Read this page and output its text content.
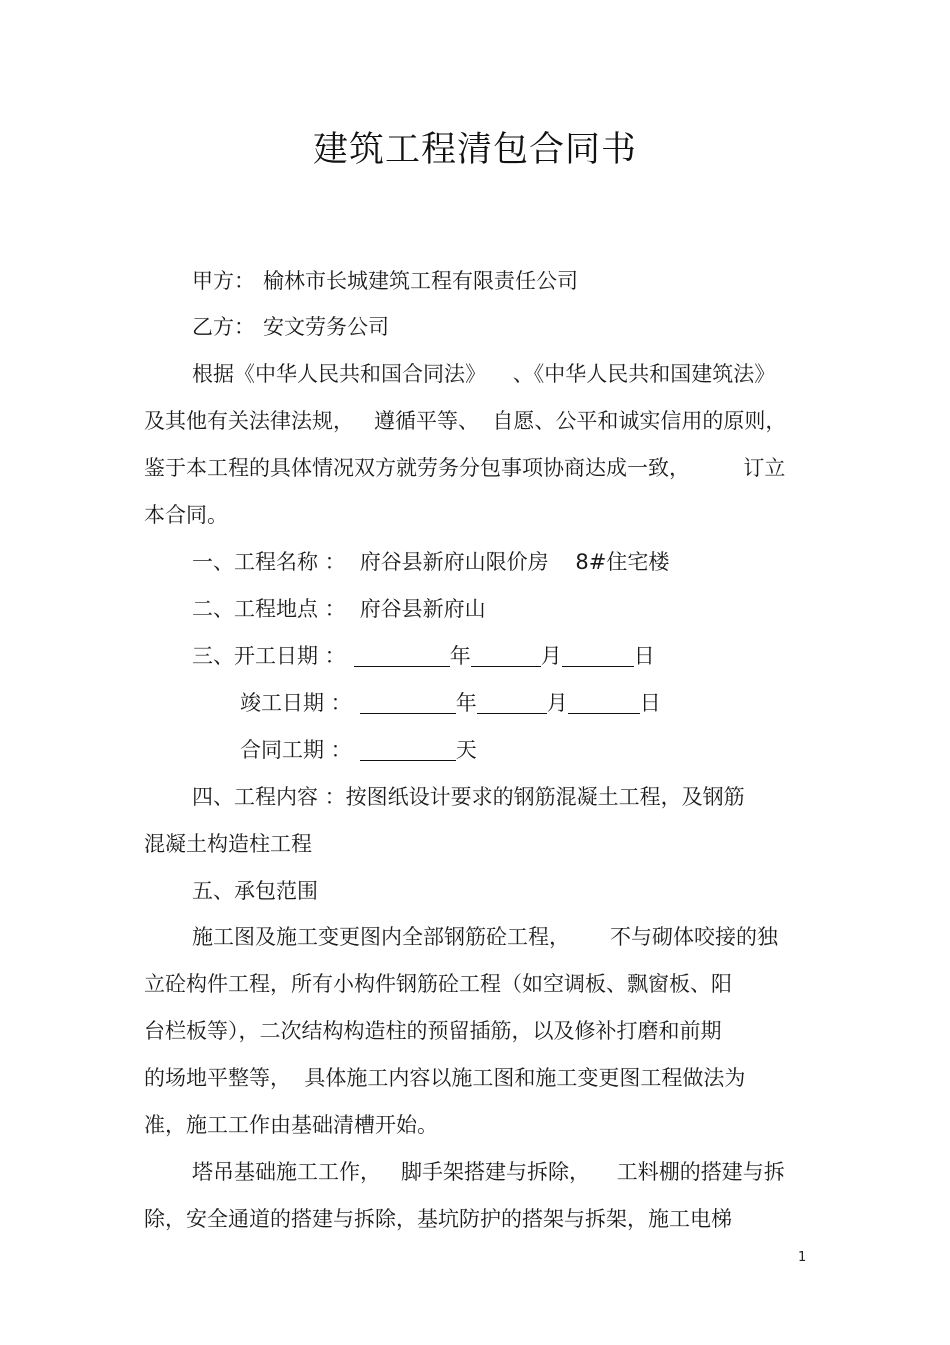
建筑工程清包合同书
甲方： 榆林市长城建筑工程有限责任公司
乙方： 安文劳务公司
根据《中华人民共和国合同法》    、《中华人民共和国建筑法》
及其他有关法律法规，   遵循平等、  自愿、公平和诚实信用的原则，
鉴于本工程的具体情况双方就劳务分包事项协商达成一致，        订立
本合同。
一、工程名称 ： 府谷县新府山限价房    8#住宅楼
二、工程地点 ： 府谷县新府山
三、开工日期 ：	年	月	日
竣工日期 ：	年	月	日
合同工期 ：	天
四、工程内容 ：按图纸设计要求的钢筋混凝土工程，及钢筋
混凝土构造柱工程
五、承包范围
施工图及施工变更图内全部钢筋砼工程，      不与砌体咬接的独
立砼构件工程，所有小构件钢筋砼工程（如空调板、飘窗板、阳
台栏板等），二次结构构造柱的预留插筋，以及修补打磨和前期
的场地平整等，  具体施工内容以施工图和施工变更图工程做法为
准，施工工作由基础清槽开始。
塔吊基础施工工作，   脚手架搭建与拆除，    工料棚的搭建与拆
除，安全通道的搭建与拆除，基坑防护的搭架与拆架，施工电梯
1
